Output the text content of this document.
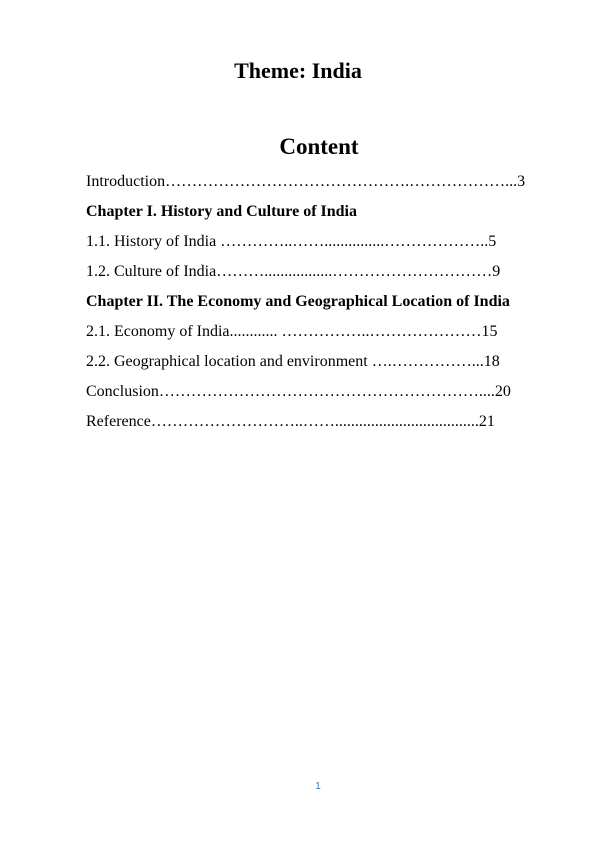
Theme: India
Content
Introduction……………………………………….………………...3
Chapter I. History and Culture of India
1.1. History of India …………..……...............………………..5
1.2. Culture of India……….................…………………………9
Chapter II. The Economy and Geographical Location of India
2.1. Economy of India............ ……………..…………………15
2.2. Geographical location and environment ….……………...18
Conclusion……………………………………………………....20
Reference………………………..……....................................21
1
